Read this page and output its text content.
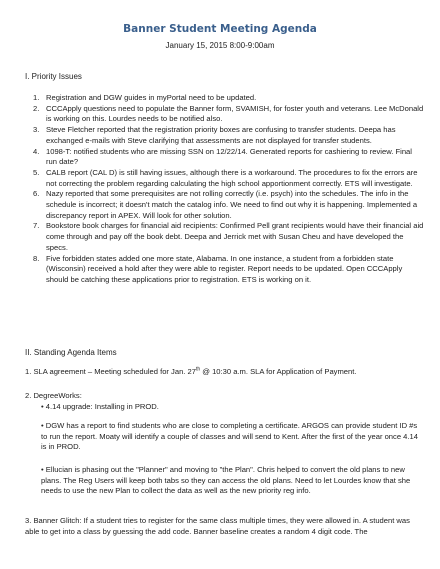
Banner Student Meeting Agenda
January 15, 2015 8:00-9:00am
I. Priority Issues
1. Registration and DGW guides in myPortal need to be updated.
2. CCCApply questions need to populate the Banner form, SVAMISH, for foster youth and veterans. Lee McDonald is working on this. Lourdes needs to be notified also.
3. Steve Fletcher reported that the registration priority boxes are confusing to transfer students. Deepa has exchanged e-mails with Steve clarifying that assessments are not displayed for transfer students.
4. 1098-T: notified students who are missing SSN on 12/22/14. Generated reports for cashiering to review. Final run date?
5. CALB report (CAL D) is still having issues, although there is a workaround. The procedures to fix the errors are not correcting the problem regarding calculating the high school apportionment correctly. ETS will investigate.
6. Nazy reported that some prerequisites are not rolling correctly (i.e. psych) into the schedules. The info in the schedule is incorrect; it doesn't match the catalog info. We need to find out why it is happening. Implemented a discrepancy report in APEX. Will look for other solution.
7. Bookstore book charges for financial aid recipients: Confirmed Pell grant recipients would have their financial aid come through and pay off the book debt. Deepa and Jerrick met with Susan Cheu and have developed the specs.
8. Five forbidden states added one more state, Alabama. In one instance, a student from a forbidden state (Wisconsin) received a hold after they were able to register. Report needs to be updated. Open CCCApply should be catching these applications prior to registration. ETS is working on it.
II. Standing Agenda Items

1. SLA agreement – Meeting scheduled for Jan. 27th @ 10:30 a.m. SLA for Application of Payment.

2. DegreeWorks:

• 4.14 upgrade: Installing in PROD.

• DGW has a report to find students who are close to completing a certificate. ARGOS can provide student ID #s to run the report. Moaty will identify a couple of classes and will send to Kent. After the first of the year once 4.14 is in PROD.

• Ellucian is phasing out the "Planner" and moving to "the Plan". Chris helped to convert the old plans to new plans. The Reg Users will keep both tabs so they can access the old plans. Need to let Lourdes know that she needs to use the new Plan to collect the data as well as the new priority reg info.

3. Banner Glitch: If a student tries to register for the same class multiple times, they were allowed in. A student was able to get into a class by guessing the add code. Banner baseline creates a random 4 digit code. The
